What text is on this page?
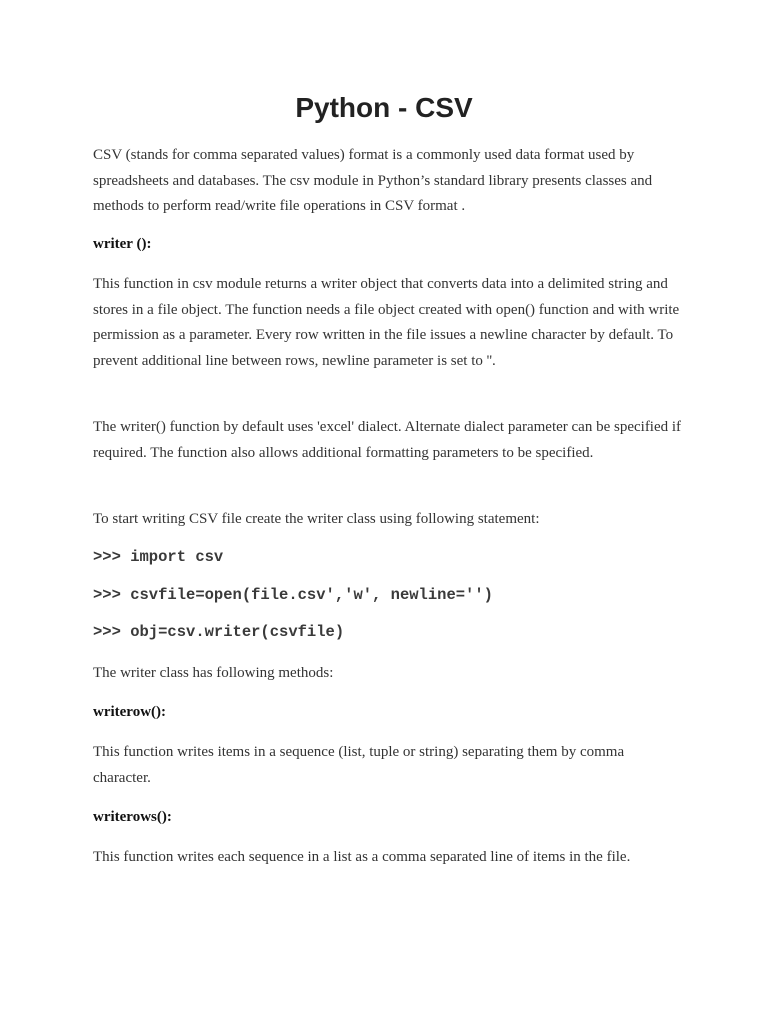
Python - CSV

CSV (stands for comma separated values) format is a commonly used data format used by spreadsheets and databases. The csv module in Python’s standard library presents classes and methods to perform read/write file operations in CSV format .

writer ():

This function in csv module returns a writer object that converts data into a delimited string and stores in a file object. The function needs a file object created with open() function and with write permission as a parameter. Every row written in the file issues a newline character by default. To prevent additional line between rows, newline parameter is set to ''.

The writer() function by default uses 'excel' dialect. Alternate dialect parameter can be specified if required. The function also allows additional formatting parameters to be specified.

To start writing CSV file create the writer class using following statement:

>>> import csv
>>> csvfile=open(file.csv','w', newline='')
>>> obj=csv.writer(csvfile)

The writer class has following methods:

writerow():

This function writes items in a sequence (list, tuple or string) separating them by comma character.

writerows():

This function writes each sequence in a list as a comma separated line of items in the file.
